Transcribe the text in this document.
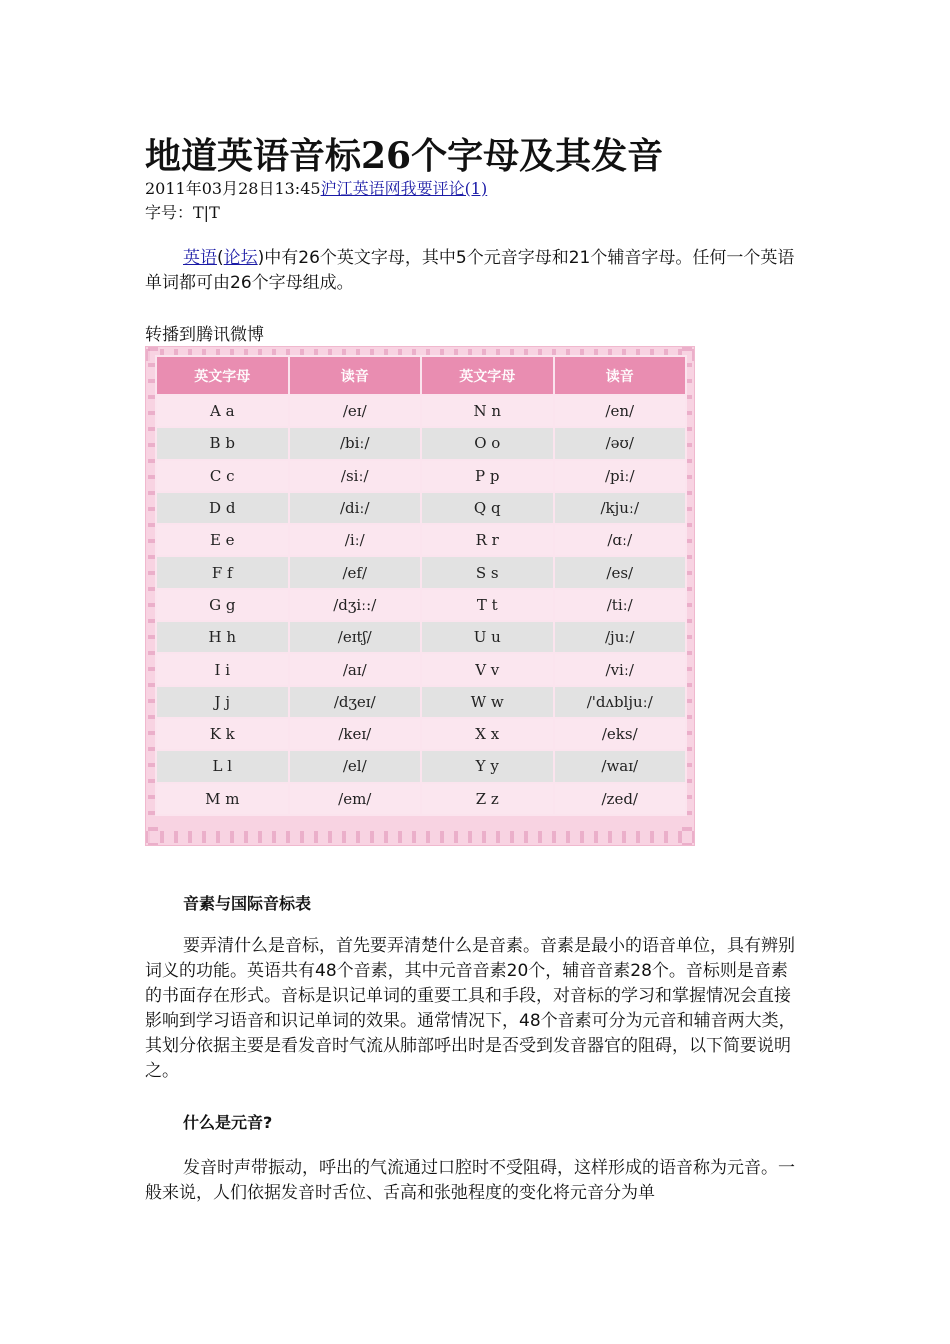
地道英语音标26个字母及其发音
2011年03月28日13:45沪江英语网我要评论(1)
字号：T|T

英语(论坛)中有26个英文字母，其中5个元音字母和21个辅音字母。任何一个英语单词都可由26个字母组成。

转播到腾讯微博
英文字母	读音	英文字母	读音
A a	/eɪ/	N n	/en/
B b	/biː/	O o	/əʊ/
C c	/siː/	P p	/piː/
D d	/diː/	Q q	/kjuː/
E e	/iː/	R r	/ɑː/
F f	/ef/	S s	/es/
G g	/dʒiː:/	T t	/tiː/
H h	/eɪtʃ/	U u	/juː/
I i	/aɪ/	V v	/viː/
J j	/dʒeɪ/	W w	/'dʌbljuː/
K k	/keɪ/	X x	/eks/
L l	/el/	Y y	/waɪ/
M m	/em/	Z z	/zed/
音素与国际音标表

要弄清什么是音标，首先要弄清楚什么是音素。音素是最小的语音单位，具有辨别词义的功能。英语共有48个音素，其中元音音素20个，辅音音素28个。音标则是音素的书面存在形式。音标是识记单词的重要工具和手段，对音标的学习和掌握情况会直接影响到学习语音和识记单词的效果。通常情况下，48个音素可分为元音和辅音两大类，其划分依据主要是看发音时气流从肺部呼出时是否受到发音器官的阻碍，以下简要说明之。

什么是元音?

发音时声带振动，呼出的气流通过口腔时不受阻碍，这样形成的语音称为元音。一般来说，人们依据发音时舌位、舌高和张弛程度的变化将元音分为单
